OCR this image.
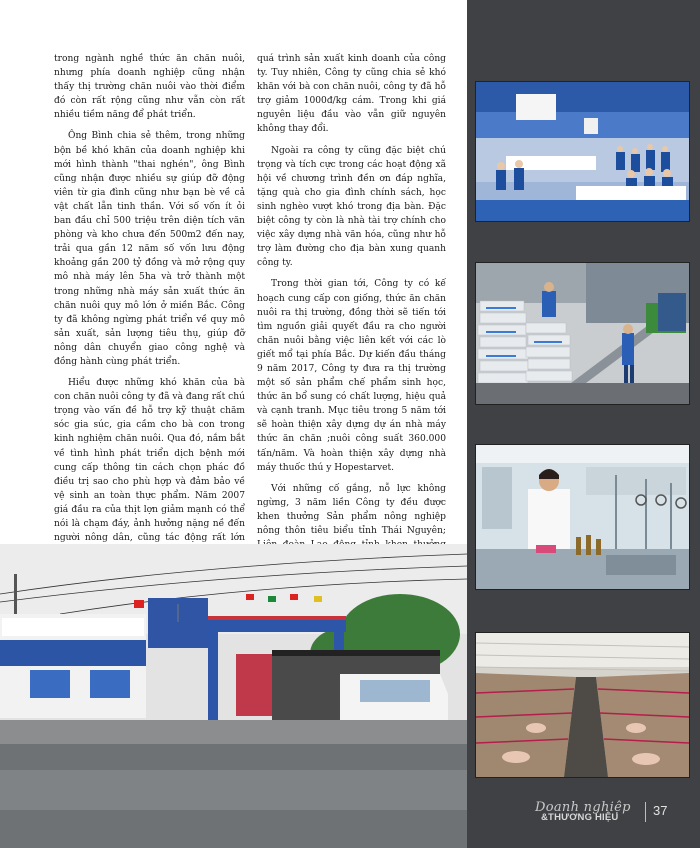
trong ngành nghề thức ăn chăn nuôi, nhưng phía doanh nghiệp cũng nhận thấy thị trường chăn nuôi vào thời điểm đó còn rất rộng cũng như vẫn còn rất nhiều tiềm năng để phát triển.

Ông Bình chia sẻ thêm, trong những bộn bề khó khăn của doanh nghiệp khi mới hình thành "thai nghén", ông Bình cũng nhận được nhiều sự giúp đỡ động viên từ gia đình cũng như bạn bè về cả vật chất lẫn tinh thần. Với số vốn ít ỏi ban đầu chỉ 500 triệu trên diện tích văn phòng và kho chưa đến 500m2 đến nay, trải qua gần 12 năm số vốn lưu động khoảng gần 200 tỷ đồng và mở rộng quy mô nhà máy lên 5ha và trở thành một trong những nhà máy sản xuất thức ăn chăn nuôi quy mô lớn ở miền Bắc. Công ty đã không ngừng phát triển về quy mô sản xuất, sản lượng tiêu thụ, giúp đỡ nông dân chuyển giao công nghệ và đồng hành cùng phát triển.

Hiểu được những khó khăn của bà con chăn nuôi công ty đã và đang rất chú trọng vào vấn đề hỗ trợ kỹ thuật chăm sóc gia súc, gia cầm cho bà con trong kinh nghiệm chăn nuôi. Qua đó, nắm bắt về tình hình phát triển dịch bệnh mới cung cấp thông tin cách chọn phác đồ điều trị sao cho phù hợp và đảm bảo về vệ sinh an toàn thực phẩm. Năm 2007 giá đầu ra của thịt lợn giảm mạnh có thể nói là chạm đáy, ảnh hưởng nặng nề đến người nông dân, cũng tác động rất lớn

quá trình sản xuất kinh doanh của công ty. Tuy nhiên, Công ty cũng chia sẻ khó khăn với bà con chăn nuôi, công ty đã hỗ trợ giảm 1000đ/kg cám. Trong khi giá nguyên liệu đầu vào vẫn giữ nguyên không thay đổi.

Ngoài ra công ty cũng đặc biệt chú trọng và tích cực trong các hoạt động xã hội về chương trình đền ơn đáp nghĩa, tặng quà cho gia đình chính sách, học sinh nghèo vượt khó trong địa bàn. Đặc biệt công ty còn là nhà tài trợ chính cho việc xây dựng nhà văn hóa, cũng như hỗ trợ làm đường cho địa bàn xung quanh công ty.

Trong thời gian tới, Công ty có kế hoạch cung cấp con giống, thức ăn chăn nuôi ra thị trường, đồng thời sẽ tiến tới tìm nguồn giải quyết đầu ra cho người chăn nuôi bằng việc liên kết với các lò giết mổ tại phía Bắc. Dự kiến đầu tháng 9 năm 2017, Công ty đưa ra thị trường một số sản phẩm chế phẩm sinh học, thức ăn bổ sung có chất lượng, hiệu quả và cạnh tranh. Mục tiêu trong 5 năm tới sẽ hoàn thiện xây dựng dự án nhà máy thức ăn chăn ;nuôi công suất 360.000 tấn/năm. Và hoàn thiện xây dựng nhà máy thuốc thú y Hopestarvet.

Với những cố gắng, nỗ lực không ngừng, 3 năm liền Công ty đều được khen thưởng Sản phẩm nông nghiệp nông thôn tiêu biểu tỉnh Thái Nguyên;

Doanh nghiệp
&THƯƠNG HIỆU	37
